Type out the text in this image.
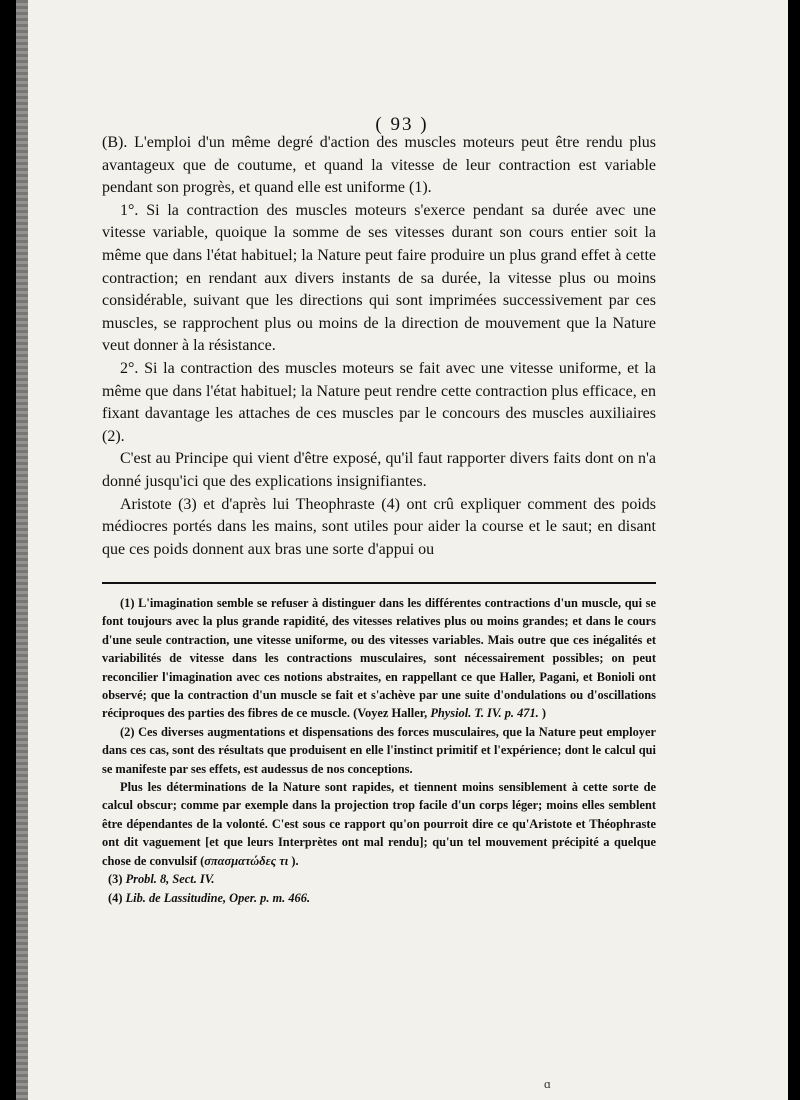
( 93 )

(B). L'emploi d'un même degré d'action des muscles moteurs peut être rendu plus avantageux que de coutume, et quand la vitesse de leur contraction est variable pendant son progrès, et quand elle est uniforme (1).

1°. Si la contraction des muscles moteurs s'exerce pendant sa durée avec une vitesse variable, quoique la somme de ses vitesses durant son cours entier soit la même que dans l'état habituel; la Nature peut faire produire un plus grand effet à cette contraction; en rendant aux divers instants de sa durée, la vitesse plus ou moins considérable, suivant que les directions qui sont imprimées successivement par ces muscles, se rapprochent plus ou moins de la direction de mouvement que la Nature veut donner à la résistance.

2°. Si la contraction des muscles moteurs se fait avec une vitesse uniforme, et la même que dans l'état habituel; la Nature peut rendre cette contraction plus efficace, en fixant davantage les attaches de ces muscles par le concours des muscles auxiliaires (2).

C'est au Principe qui vient d'être exposé, qu'il faut rapporter divers faits dont on n'a donné jusqu'ici que des explications insignifiantes.

Aristote (3) et d'après lui Theophraste (4) ont crû expliquer comment des poids médiocres portés dans les mains, sont utiles pour aider la course et le saut; en disant que ces poids donnent aux bras une sorte d'appui ou

(1) L'imagination semble se refuser à distinguer dans les différentes contractions d'un muscle, qui se font toujours avec la plus grande rapidité, des vitesses relatives plus ou moins grandes; et dans le cours d'une seule contraction, une vitesse uniforme, ou des vitesses variables. Mais outre que ces inégalités et variabilités de vitesse dans les contractions musculaires, sont nécessairement possibles; on peut reconcilier l'imagination avec ces notions abstraites, en rappellant ce que Haller, Pagani, et Bonioli ont observé; que la contraction d'un muscle se fait et s'achève par une suite d'ondulations ou d'oscillations réciproques des parties des fibres de ce muscle. (Voyez Haller, Physiol. T. IV. p. 471. )

(2) Ces diverses augmentations et dispensations des forces musculaires, que la Nature peut employer dans ces cas, sont des résultats que produisent en elle l'instinct primitif et l'expérience; dont le calcul qui se manifeste par ses effets, est audessus de nos conceptions.

Plus les déterminations de la Nature sont rapides, et tiennent moins sensiblement à cette sorte de calcul obscur; comme par exemple dans la projection trop facile d'un corps léger; moins elles semblent être dépendantes de la volonté. C'est sous ce rapport qu'on pourroit dire ce qu'Aristote et Théophraste ont dit vaguement [et que leurs Interprètes ont mal rendu]; qu'un tel mouvement précipité a quelque chose de convulsif (σπασματώδες τι ).

(3) Probl. 8, Sect. IV.

(4) Lib. de Lassitudine, Oper. p. m. 466.

ɑ
